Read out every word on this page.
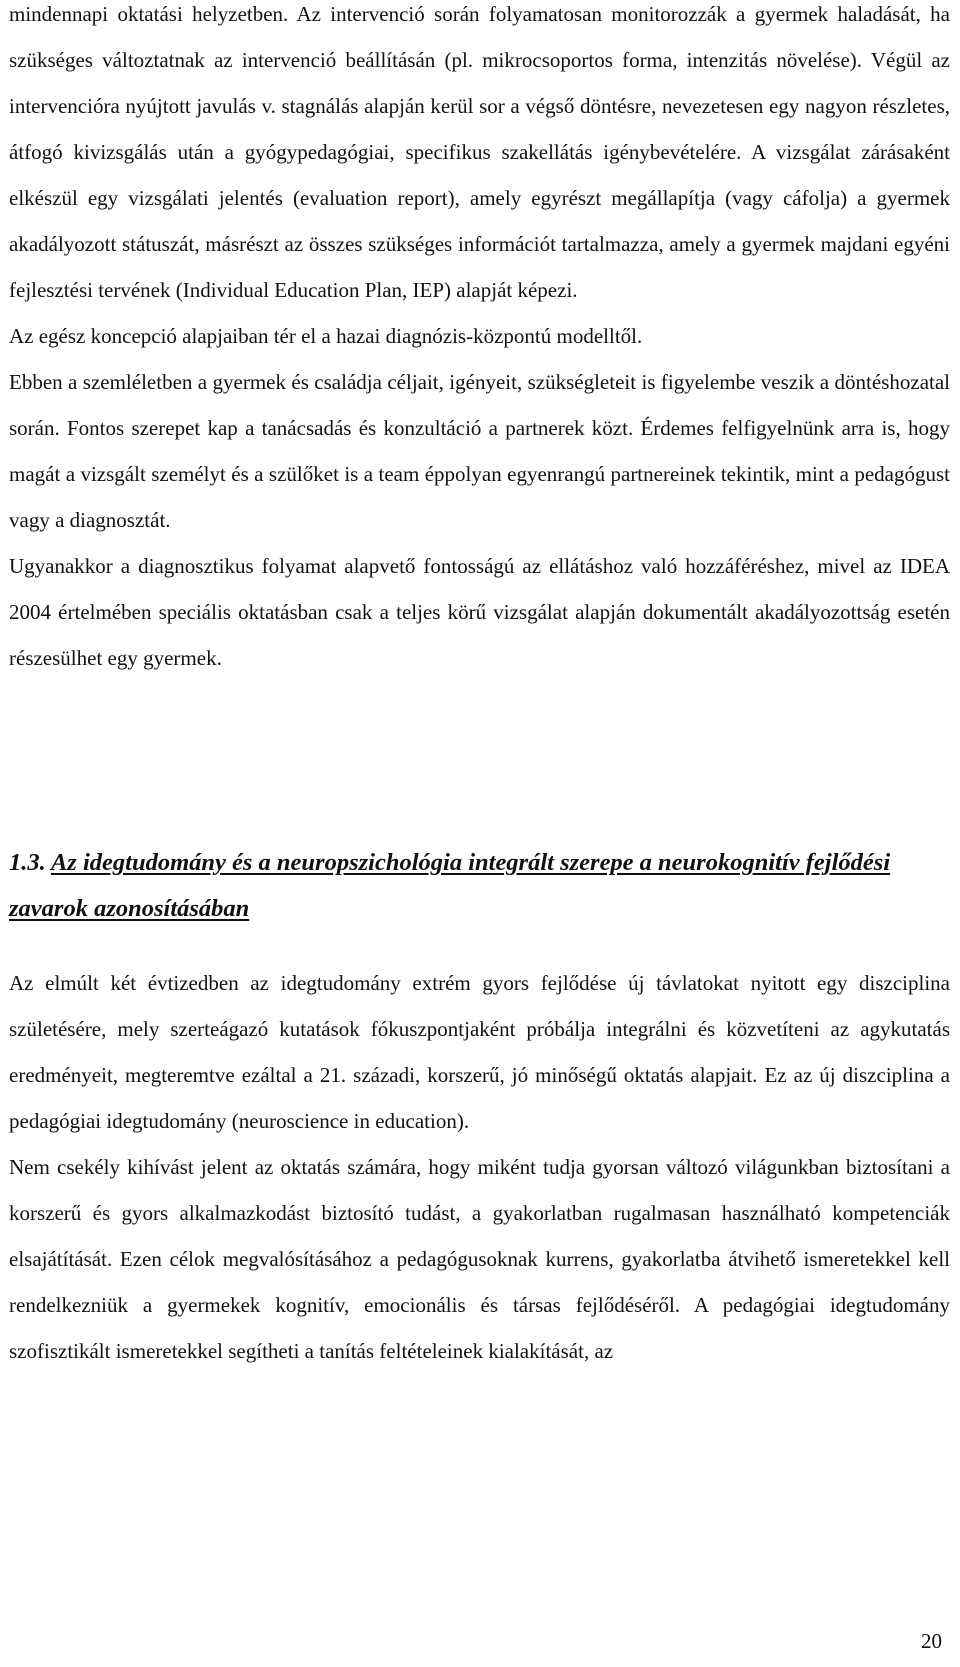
mindennapi oktatási helyzetben. Az intervenció során folyamatosan monitorozzák a gyermek haladását, ha szükséges változtatnak az intervenció beállításán (pl. mikrocsoportos forma, intenzitás növelése). Végül az intervencióra nyújtott javulás v. stagnálás alapján kerül sor a végső döntésre, nevezetesen egy nagyon részletes, átfogó kivizsgálás után a gyógypedagógiai, specifikus szakellátás igénybevételére. A vizsgálat zárásaként elkészül egy vizsgálati jelentés (evaluation report), amely egyrészt megállapítja (vagy cáfolja) a gyermek akadályozott státuszát, másrészt az összes szükséges információt tartalmazza, amely a gyermek majdani egyéni fejlesztési tervének (Individual Education Plan, IEP) alapját képezi.

Az egész koncepció alapjaiban tér el a hazai diagnózis-központú modelltől.

Ebben a szemléletben a gyermek és családja céljait, igényeit, szükségleteit is figyelembe veszik a döntéshozatal során. Fontos szerepet kap a tanácsadás és konzultáció a partnerek közt. Érdemes felfigyelnünk arra is, hogy magát a vizsgált személyt és a szülőket is a team éppolyan egyenrangú partnereinek tekintik, mint a pedagógust vagy a diagnosztát.

Ugyanakkor a diagnosztikus folyamat alapvető fontosságú az ellátáshoz való hozzáféréshez, mivel az IDEA 2004 értelmében speciális oktatásban csak a teljes körű vizsgálat alapján dokumentált akadályozottság esetén részesülhet egy gyermek.

1.3. Az idegtudomány és a neuropszichológia integrált szerepe a neurokognitív fejlődési zavarok azonosításában

Az elmúlt két évtizedben az idegtudomány extrém gyors fejlődése új távlatokat nyitott egy diszciplina születésére, mely szerteágazó kutatások fókuszpontjaként próbálja integrálni és közvetíteni az agykutatás eredményeit, megteremtve ezáltal a 21. századi, korszerű, jó minőségű oktatás alapjait. Ez az új diszciplina a pedagógiai idegtudomány (neuroscience in education).

Nem csekély kihívást jelent az oktatás számára, hogy miként tudja gyorsan változó világunkban biztosítani a korszerű és gyors alkalmazkodást biztosító tudást, a gyakorlatban rugalmasan használható kompetenciák elsajátítását. Ezen célok megvalósításához a pedagógusoknak kurrens, gyakorlatba átvihető ismeretekkel kell rendelkezniük a gyermekek kognitív, emocionális és társas fejlődéséről. A pedagógiai idegtudomány szofisztikált ismeretekkel segítheti a tanítás feltételeinek kialakítását, az

20
